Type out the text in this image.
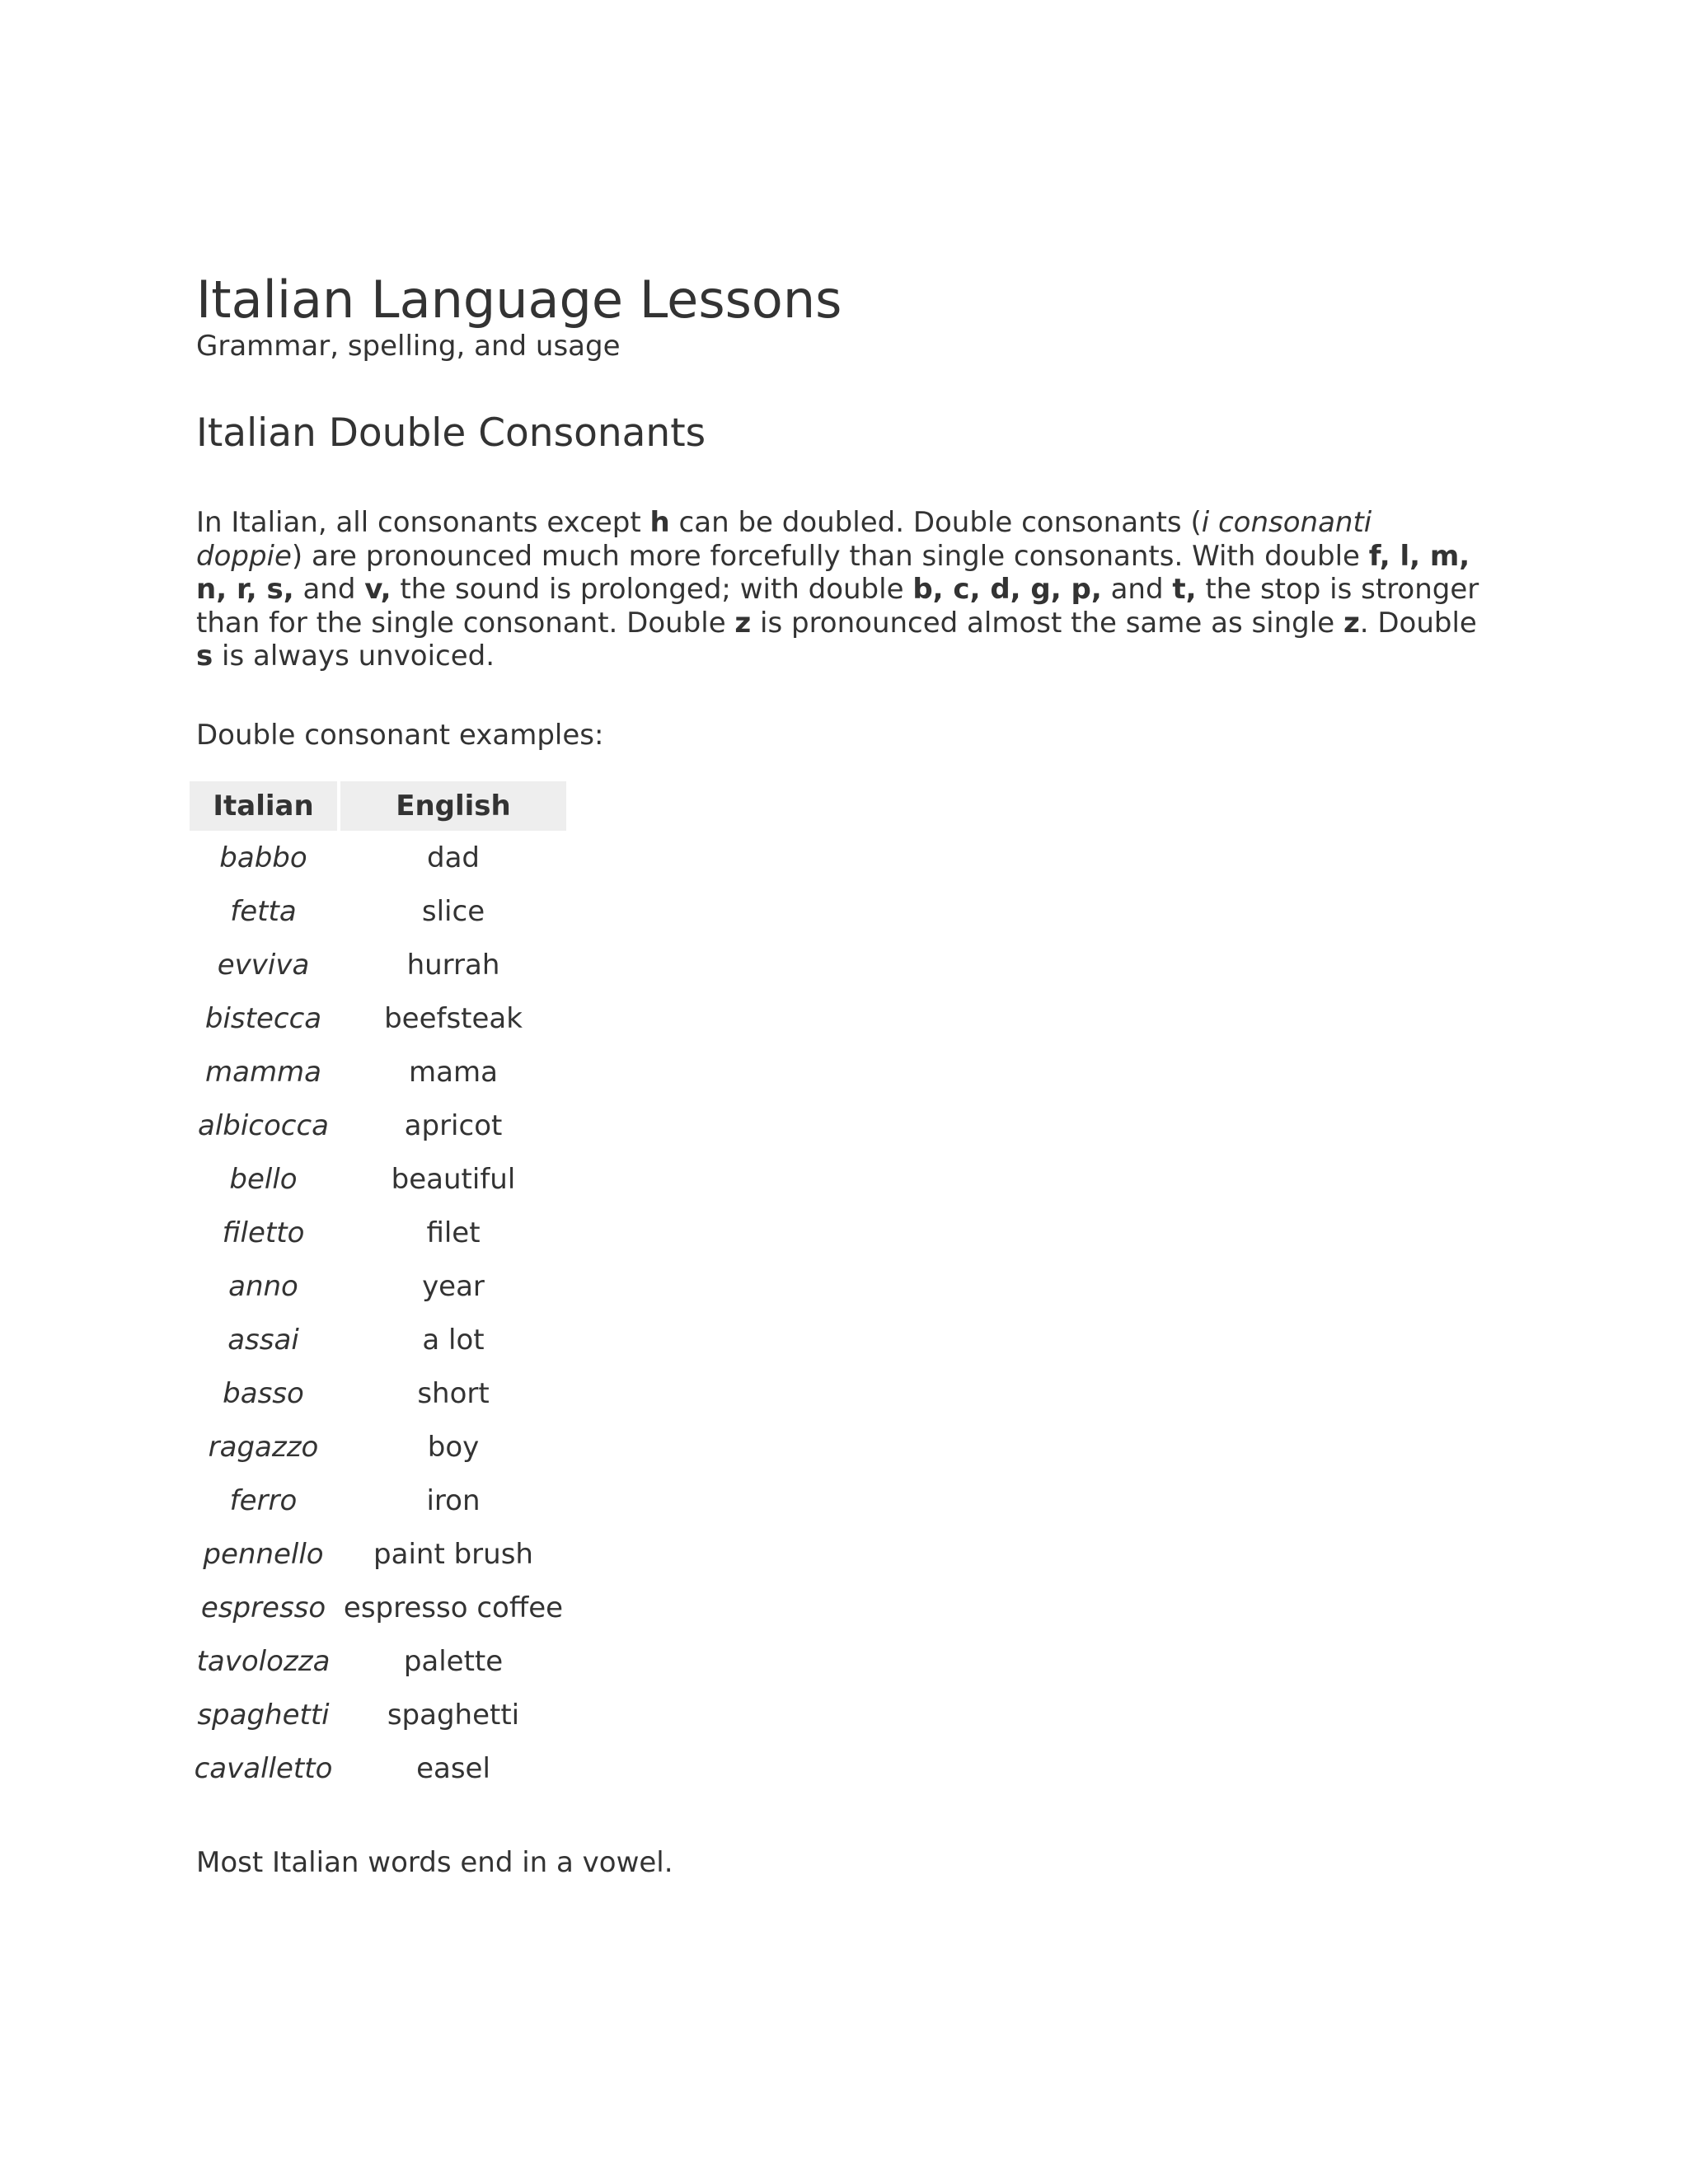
Italian Language Lessons

Grammar, spelling, and usage

Italian Double Consonants

In Italian, all consonants except h can be doubled. Double consonants (i consonanti doppie) are pronounced much more forcefully than single consonants. With double f, l, m, n, r, s, and v, the sound is prolonged; with double b, c, d, g, p, and t, the stop is stronger than for the single consonant. Double z is pronounced almost the same as single z. Double s is always unvoiced.

Double consonant examples:

Italian	English
babbo	dad
fetta	slice
evviva	hurrah
bistecca	beefsteak
mamma	mama
albicocca	apricot
bello	beautiful
filetto	filet
anno	year
assai	a lot
basso	short
ragazzo	boy
ferro	iron
pennello	paint brush
espresso	espresso coffee
tavolozza	palette
spaghetti	spaghetti
cavalletto	easel

Most Italian words end in a vowel.
